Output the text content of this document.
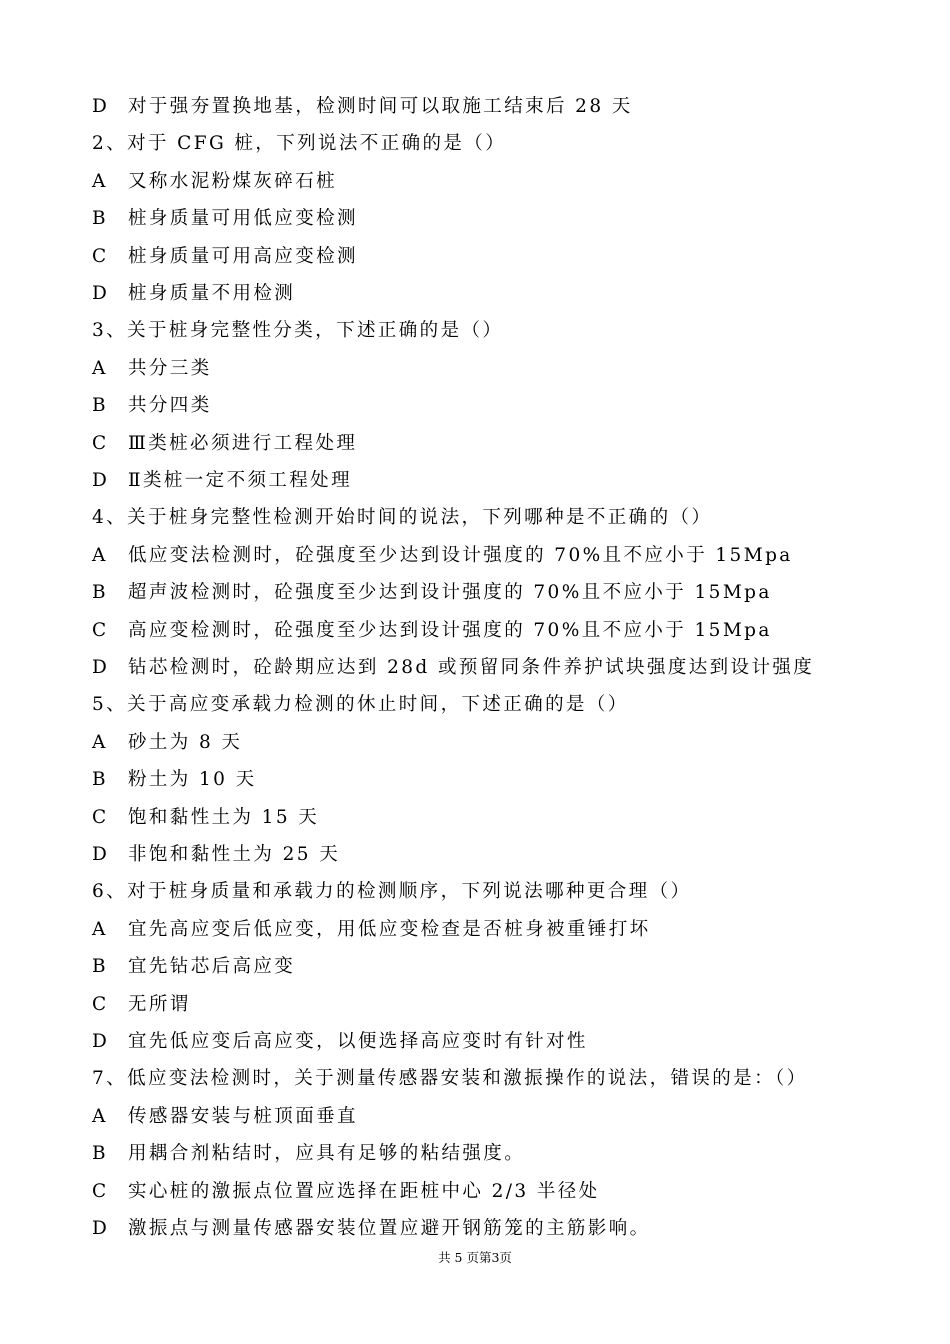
D 对于强夯置换地基，检测时间可以取施工结束后 28 天
2、对于 CFG 桩，下列说法不正确的是（）
A 又称水泥粉煤灰碎石桩
B 桩身质量可用低应变检测
C 桩身质量可用高应变检测
D 桩身质量不用检测
3、关于桩身完整性分类，下述正确的是（）
A 共分三类
B 共分四类
C Ⅲ类桩必须进行工程处理
D Ⅱ类桩一定不须工程处理
4、关于桩身完整性检测开始时间的说法，下列哪种是不正确的（）
A 低应变法检测时，砼强度至少达到设计强度的 70%且不应小于 15Mpa
B 超声波检测时，砼强度至少达到设计强度的 70%且不应小于 15Mpa
C 高应变检测时，砼强度至少达到设计强度的 70%且不应小于 15Mpa
D 钻芯检测时，砼龄期应达到 28d 或预留同条件养护试块强度达到设计强度
5、关于高应变承载力检测的休止时间，下述正确的是（）
A 砂土为 8 天
B 粉土为 10 天
C 饱和黏性土为 15 天
D 非饱和黏性土为 25 天
6、对于桩身质量和承载力的检测顺序，下列说法哪种更合理（）
A 宜先高应变后低应变，用低应变检查是否桩身被重锤打坏
B 宜先钻芯后高应变
C 无所谓
D 宜先低应变后高应变，以便选择高应变时有针对性
7、低应变法检测时，关于测量传感器安装和激振操作的说法，错误的是：（）
A 传感器安装与桩顶面垂直
B 用耦合剂粘结时，应具有足够的粘结强度。
C 实心桩的激振点位置应选择在距桩中心 2/3 半径处
D 激振点与测量传感器安装位置应避开钢筋笼的主筋影响。
共 5 页第3页
